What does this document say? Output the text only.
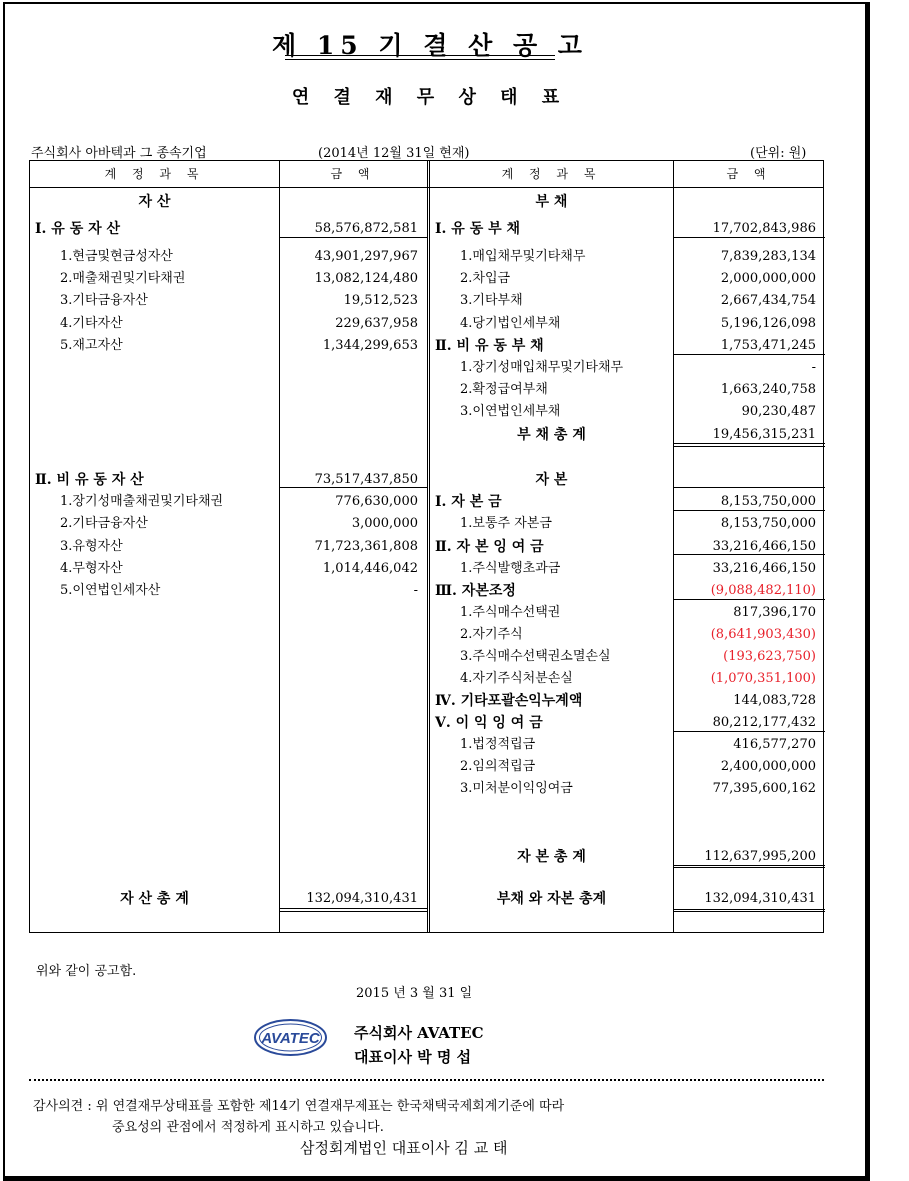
제 15 기 결 산 공 고
연 결 재 무 상 태 표
주식회사 아바텍과 그 종속기업	(2014년 12월 31일 현재)	(단위: 원)
계 정 과 목	금 액	계 정 과 목	금 액
자 산
Ⅰ. 유 동 자 산	58,576,872,581
1.현금및현금성자산	43,901,297,967
2.매출채권및기타채권	13,082,124,480
3.기타금융자산	19,512,523
4.기타자산	229,637,958
5.재고자산	1,344,299,653
Ⅱ. 비 유 동 자 산	73,517,437,850
1.장기성매출채권및기타채권	776,630,000
2.기타금융자산	3,000,000
3.유형자산	71,723,361,808
4.무형자산	1,014,446,042
5.이연법인세자산	-
자 산 총 계	132,094,310,431
부 채
Ⅰ. 유 동 부 채	17,702,843,986
1.매입채무및기타채무	7,839,283,134
2.차입금	2,000,000,000
3.기타부채	2,667,434,754
4.당기법인세부채	5,196,126,098
Ⅱ. 비 유 동 부 채	1,753,471,245
1.장기성매입채무및기타채무	-
2.확정급여부채	1,663,240,758
3.이연법인세부채	90,230,487
부 채 총 계	19,456,315,231
자 본
Ⅰ. 자 본 금	8,153,750,000
1.보통주 자본금	8,153,750,000
Ⅱ. 자 본 잉 여 금	33,216,466,150
1.주식발행초과금	33,216,466,150
Ⅲ. 자본조정	(9,088,482,110)
1.주식매수선택권	817,396,170
2.자기주식	(8,641,903,430)
3.주식매수선택권소멸손실	(193,623,750)
4.자기주식처분손실	(1,070,351,100)
Ⅳ. 기타포괄손익누계액	144,083,728
Ⅴ. 이 익 잉 여 금	80,212,177,432
1.법정적립금	416,577,270
2.임의적립금	2,400,000,000
3.미처분이익잉여금	77,395,600,162
자 본 총 계	112,637,995,200
부채 와 자본 총계	132,094,310,431
위와 같이 공고함.
2015 년 3 월 31 일
AVATEC 주식회사 AVATEC
대표이사 박 명 섭
감사의견 : 위 연결재무상태표를 포함한 제14기 연결재무제표는 한국채택국제회계기준에 따라
중요성의 관점에서 적정하게 표시하고 있습니다.
삼정회계법인 대표이사 김 교 태
